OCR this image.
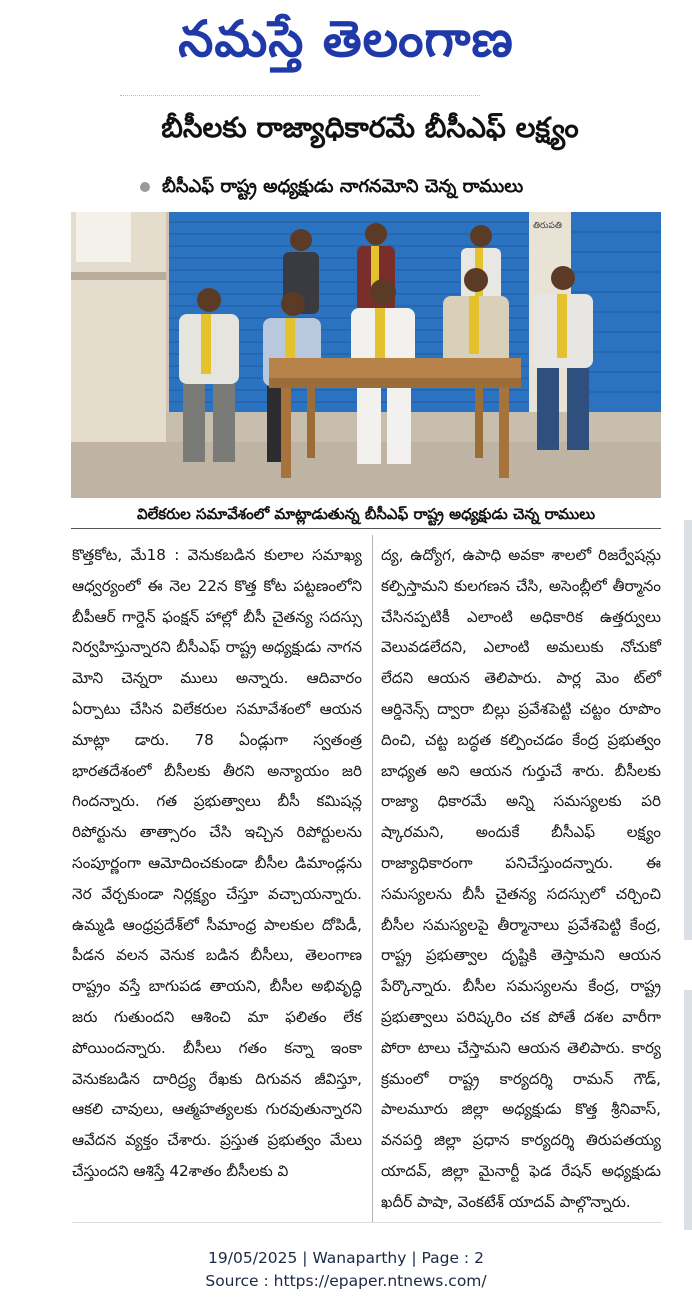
నమస్తే తెలంగాణ
బీసీలకు రాజ్యాధికారమే బీసీఎఫ్ లక్ష్యం
బీసీఎఫ్ రాష్ట్ర అధ్యక్షుడు నాగనమోని చెన్న రాములు
తిరుపతి
విలేకరుల సమావేశంలో మాట్లాడుతున్న బీసీఎఫ్ రాష్ట్ర అధ్యక్షుడు చెన్న రాములు
కొత్తకోట, మే18 : వెనుకబడిన కులాల సమాఖ్య ఆధ్వర్యంలో ఈ నెల 22న కొత్త కోట పట్టణంలోని బీపీఆర్ గార్డెన్ ఫంక్షన్ హాల్లో బీసీ చైతన్య సదస్సు నిర్వహిస్తున్నారని బీసీఎఫ్ రాష్ట్ర అధ్యక్షుడు నాగన మోని చెన్నరా ములు అన్నారు. ఆదివారం ఏర్పాటు చేసిన విలేకరుల సమావేశంలో ఆయన మాట్లా డారు. 78 ఏండ్లుగా స్వతంత్ర భారతదేశంలో బీసీలకు తీరని అన్యాయం జరి గిందన్నారు. గత ప్రభుత్వాలు బీసీ కమిషన్ల రిపోర్టును తాత్సారం చేసి ఇచ్చిన రిపోర్టులను సంపూర్ణంగా ఆమోదించకుండా బీసీల డిమాండ్లను నెర వేర్చకుండా నిర్లక్ష్యం చేస్తూ వచ్చాయన్నారు. ఉమ్మడి ఆంధ్రప్రదేశ్‌లో సీమాంధ్ర పాలకుల దోపిడీ, పీడన వలన వెనుక బడిన బీసీలు, తెలంగాణ రాష్ట్రం వస్తే బాగుపడ తాయని, బీసీల అభివృద్ధి జరు గుతుందని ఆశించి మా ఫలితం లేక పోయిందన్నారు. బీసీలు గతం కన్నా ఇంకా వెనుకబడిన దారిద్ర్య రేఖకు దిగువన జీవిస్తూ, ఆకలి చావులు, ఆత్మహత్యలకు గురవుతున్నారని ఆవేదన వ్యక్తం చేశారు. ప్రస్తుత ప్రభుత్వం మేలు చేస్తుందని ఆశిస్తే 42శాతం బీసీలకు వి
ద్య, ఉద్యోగ, ఉపాధి అవకా శాలలో రిజర్వేషన్లు కల్పిస్తామని కులగణన చేసి, అసెంబ్లీలో తీర్మానం చేసినప్పటికీ ఎలాంటి అధికారిక ఉత్తర్వులు వెలువడలేదని, ఎలాంటి అమలుకు నోచుకో లేదని ఆయన తెలిపారు. పార్ల మెం ట్‌లో ఆర్డినెన్స్ ద్వారా బిల్లు ప్రవేశపెట్టి చట్టం రూపొం దించి, చట్ట బద్ధత కల్పించడం కేంద్ర ప్రభుత్వం బాధ్యత అని ఆయన గుర్తుచే శారు. బీసీలకు రాజ్యా ధికారమే అన్ని సమస్యలకు పరి ష్కారమని, అందుకే బీసీఎఫ్ లక్ష్యం రాజ్యాధికారంగా పనిచేస్తుందన్నారు. ఈ సమస్యలను బీసీ చైతన్య సదస్సులో చర్చించి బీసీల సమస్యలపై తీర్మానాలు ప్రవేశపెట్టి కేంద్ర, రాష్ట్ర ప్రభుత్వాల దృష్టికి తెస్తామని ఆయన పేర్కొన్నారు. బీసీల సమస్యలను కేంద్ర, రాష్ట్ర ప్రభుత్వాలు పరిష్కరిం చక పోతే దశల వారీగా పోరా టాలు చేస్తామని ఆయన తెలిపారు. కార్య క్రమంలో రాష్ట్ర కార్యదర్శి రామన్ గౌడ్, పాలమూరు జిల్లా అధ్యక్షుడు కొత్త శ్రీనివాస్, వనపర్తి జిల్లా ప్రధాన కార్యదర్శి తిరుపతయ్య యాదవ్, జిల్లా మైనార్టీ ఫెడ రేషన్ అధ్యక్షుడు ఖదీర్ పాషా, వెంకటేశ్ యాదవ్ పాల్గొన్నారు.
19/05/2025 | Wanaparthy | Page : 2
Source : https://epaper.ntnews.com/
